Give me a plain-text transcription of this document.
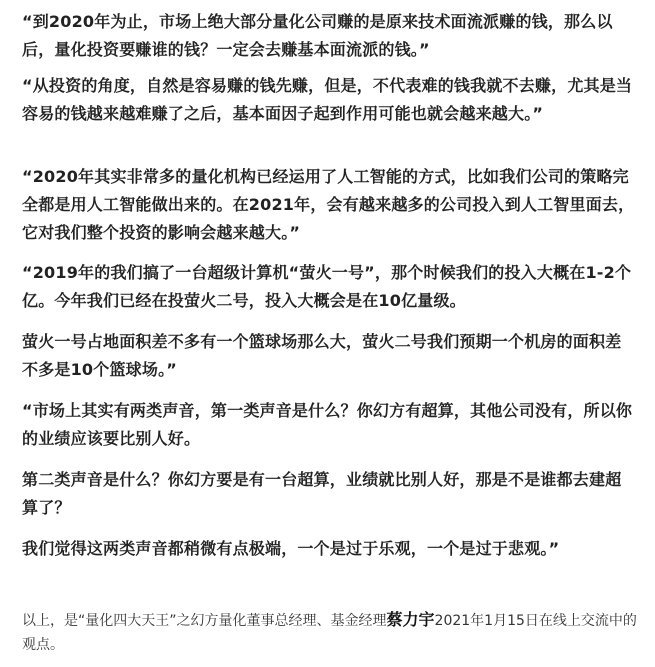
“到2020年为止，市场上绝大部分量化公司赚的是原来技术面流派赚的钱，那么以后，量化投资要赚谁的钱？一定会去赚基本面流派的钱。”

“从投资的角度，自然是容易赚的钱先赚，但是，不代表难的钱我就不去赚，尤其是当容易的钱越来越难赚了之后，基本面因子起到作用可能也就会越来越大。”

“2020年其实非常多的量化机构已经运用了人工智能的方式，比如我们公司的策略完全都是用人工智能做出来的。在2021年，会有越来越多的公司投入到人工智里面去，它对我们整个投资的影响会越来越大。”

“2019年的我们搞了一台超级计算机“萤火一号”，那个时候我们的投入大概在1-2个亿。今年我们已经在投萤火二号，投入大概会是在10亿量级。

萤火一号占地面积差不多有一个篮球场那么大，萤火二号我们预期一个机房的面积差不多是10个篮球场。”

“市场上其实有两类声音，第一类声音是什么？你幻方有超算，其他公司没有，所以你的业绩应该要比别人好。

第二类声音是什么？你幻方要是有一台超算，业绩就比别人好，那是不是谁都去建超算了？

我们觉得这两类声音都稍微有点极端，一个是过于乐观，一个是过于悲观。”

以上，是“量化四大天王”之幻方量化董事总经理、基金经理蔡力宇2021年1月15日在线上交流中的观点。
